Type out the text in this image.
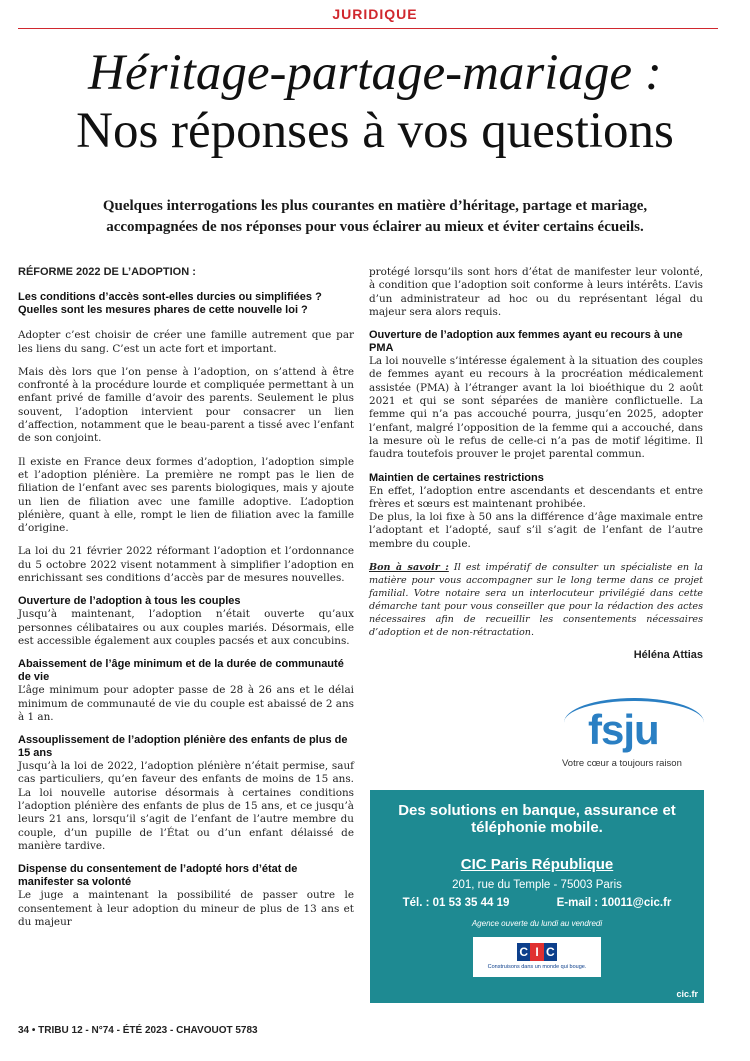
JURIDIQUE
Héritage-partage-mariage :
Nos réponses à vos questions
Quelques interrogations les plus courantes en matière d’héritage, partage et mariage, accompagnées de nos réponses pour vous éclairer au mieux et éviter certains écueils.
RÉFORME 2022 DE L’ADOPTION :
Les conditions d’accès sont-elles durcies ou simplifiées ? Quelles sont les mesures phares de cette nouvelle loi ?

Adopter c’est choisir de créer une famille autrement que par les liens du sang. C’est un acte fort et important.

Mais dès lors que l’on pense à l’adoption, on s’attend à être confronté à la procédure lourde et compliquée permettant à un enfant privé de famille d’avoir des parents. Seulement le plus souvent, l’adoption intervient pour consacrer un lien d’affection, notamment que le beau-parent a tissé avec l’enfant de son conjoint.

Il existe en France deux formes d’adoption, l’adoption simple et l’adoption plénière. La première ne rompt pas le lien de filiation de l’enfant avec ses parents biologiques, mais y ajoute un lien de filiation avec une famille adoptive. L’adoption plénière, quant à elle, rompt le lien de filiation avec la famille d’origine.

La loi du 21 février 2022 réformant l’adoption et l’ordonnance du 5 octobre 2022 visent notamment à simplifier l’adoption en enrichissant ses conditions d’accès par de mesures nouvelles.

Ouverture de l’adoption à tous les couples

Jusqu’à maintenant, l’adoption n’était ouverte qu’aux personnes célibataires ou aux couples mariés. Désormais, elle est accessible également aux couples pacsés et aux concubins.

Abaissement de l’âge minimum et de la durée de communauté de vie

L’âge minimum pour adopter passe de 28 à 26 ans et le délai minimum de communauté de vie du couple est abaissé de 2 ans à 1 an.

Assouplissement de l’adoption plénière des enfants de plus de 15 ans

Jusqu’à la loi de 2022, l’adoption plénière n’était permise, sauf cas particuliers, qu’en faveur des enfants de moins de 15 ans. La loi nouvelle autorise désormais à certaines conditions l’adoption plénière des enfants de plus de 15 ans, et ce jusqu’à leurs 21 ans, lorsqu’il s’agit de l’enfant de l’autre membre du couple, d’un pupille de l’État ou d’un enfant délaissé de manière tardive.

Dispense du consentement de l’adopté hors d’état de manifester sa volonté

Le juge a maintenant la possibilité de passer outre le consentement à leur adoption du mineur de plus de 13 ans et du majeur

protégé lorsqu’ils sont hors d’état de manifester leur volonté, à condition que l’adoption soit conforme à leurs intérêts. L’avis d’un administrateur ad hoc ou du représentant légal du majeur sera alors requis.

Ouverture de l’adoption aux femmes ayant eu recours à une PMA

La loi nouvelle s’intéresse également à la situation des couples de femmes ayant eu recours à la procréation médicalement assistée (PMA) à l’étranger avant la loi bioéthique du 2 août 2021 et qui se sont séparées de manière conflictuelle. La femme qui n’a pas accouché pourra, jusqu’en 2025, adopter l’enfant, malgré l’opposition de la femme qui a accouché, dans la mesure où le refus de celle-ci n’a pas de motif légitime. Il faudra toutefois prouver le projet parental commun.

Maintien de certaines restrictions

En effet, l’adoption entre ascendants et descendants et entre frères et sœurs est maintenant prohibée.

De plus, la loi fixe à 50 ans la différence d’âge maximale entre l’adoptant et l’adopté, sauf s’il s’agit de l’enfant de l’autre membre du couple.

Bon à savoir : Il est impératif de consulter un spécialiste en la matière pour vous accompagner sur le long terme dans ce projet familial. Votre notaire sera un interlocuteur privilégié dans cette démarche tant pour vous conseiller que pour la rédaction des actes nécessaires afin de recueillir les consentements nécessaires d’adoption et de non-rétractation.

Héléna Attias
fsju
Votre cœur a toujours raison
Des solutions en banque, assurance et téléphonie mobile.
CIC Paris République
201, rue du Temple - 75003 Paris
Tél. : 01 53 35 44 19	E-mail : 10011@cic.fr
Agence ouverte du lundi au vendredi
C I C
Construisons dans un monde qui bouge.
cic.fr
34 • TRIBU 12 - N°74 - ÉTÉ 2023 - CHAVOUOT 5783
